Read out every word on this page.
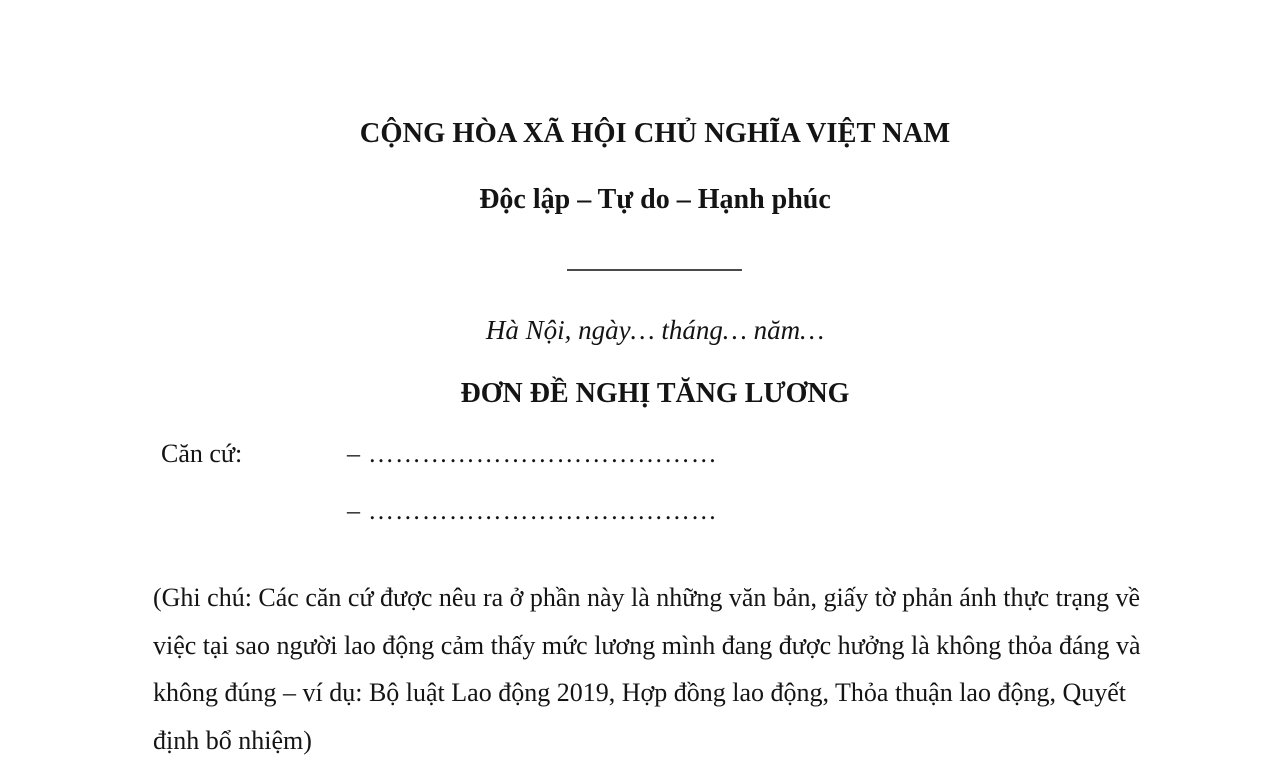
CỘNG HÒA XÃ HỘI CHỦ NGHĨA VIỆT NAM
Độc lập – Tự do – Hạnh phúc
Hà Nội, ngày… tháng… năm…
ĐƠN ĐỀ NGHỊ TĂNG LƯƠNG
Căn cứ:	– …………………………………
– …………………………………
(Ghi chú: Các căn cứ được nêu ra ở phần này là những văn bản, giấy tờ phản ánh thực trạng về
việc tại sao người lao động cảm thấy mức lương mình đang được hưởng là không thỏa đáng và
không đúng – ví dụ: Bộ luật Lao động 2019, Hợp đồng lao động, Thỏa thuận lao động, Quyết
định bổ nhiệm)
